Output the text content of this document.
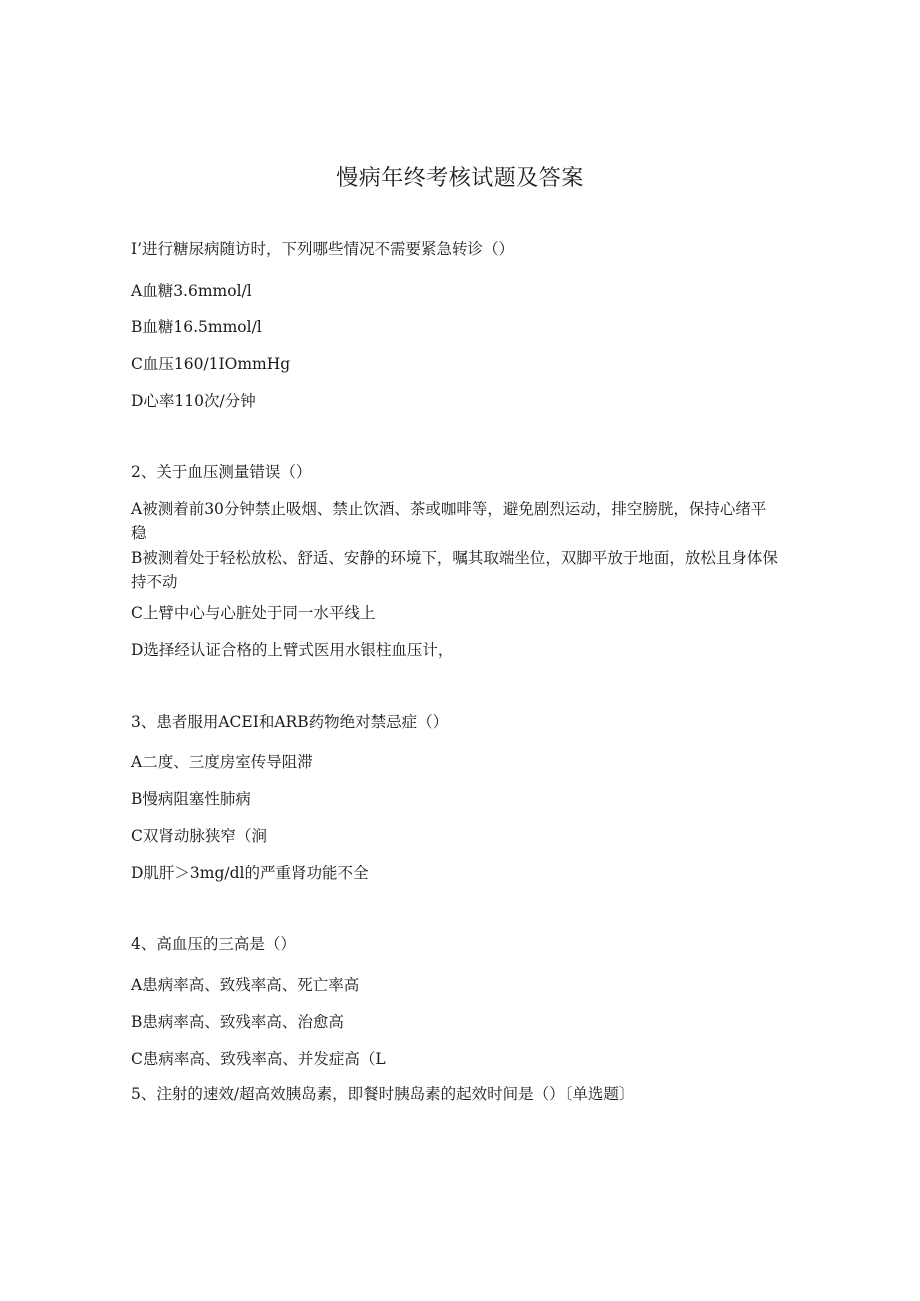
慢病年终考核试题及答案
I’进行糖尿病随访时，下列哪些情况不需要紧急转诊（）
A血糖3.6mmol∕l
B血糖16.5mmol∕l
C血压160/1IOmmHg
D心率110次/分钟
2、关于血压测量错误（）
A被测着前30分钟禁止吸烟、禁止饮酒、茶或咖啡等，避免剧烈运动，排空膀胱，保持心绪平稳
B被测着处于轻松放松、舒适、安静的环境下，嘱其取端坐位，双脚平放于地面，放松且身体保持不动
C上臂中心与心脏处于同一水平线上
D选择经认证合格的上臂式医用水银柱血压计，
3、患者服用ACEI和ARB药物绝对禁忌症（）
A二度、三度房室传导阻滞
B慢病阻塞性肺病
C双肾动脉狭窄（涧
D肌肝＞3mg∕dl的严重肾功能不全
4、高血压的三高是（）
A患病率高、致残率高、死亡率高
B患病率高、致残率高、治愈高
C患病率高、致残率高、并发症高（L
5、注射的速效/超高效胰岛素，即餐时胰岛素的起效时间是（）〔单选题〕
